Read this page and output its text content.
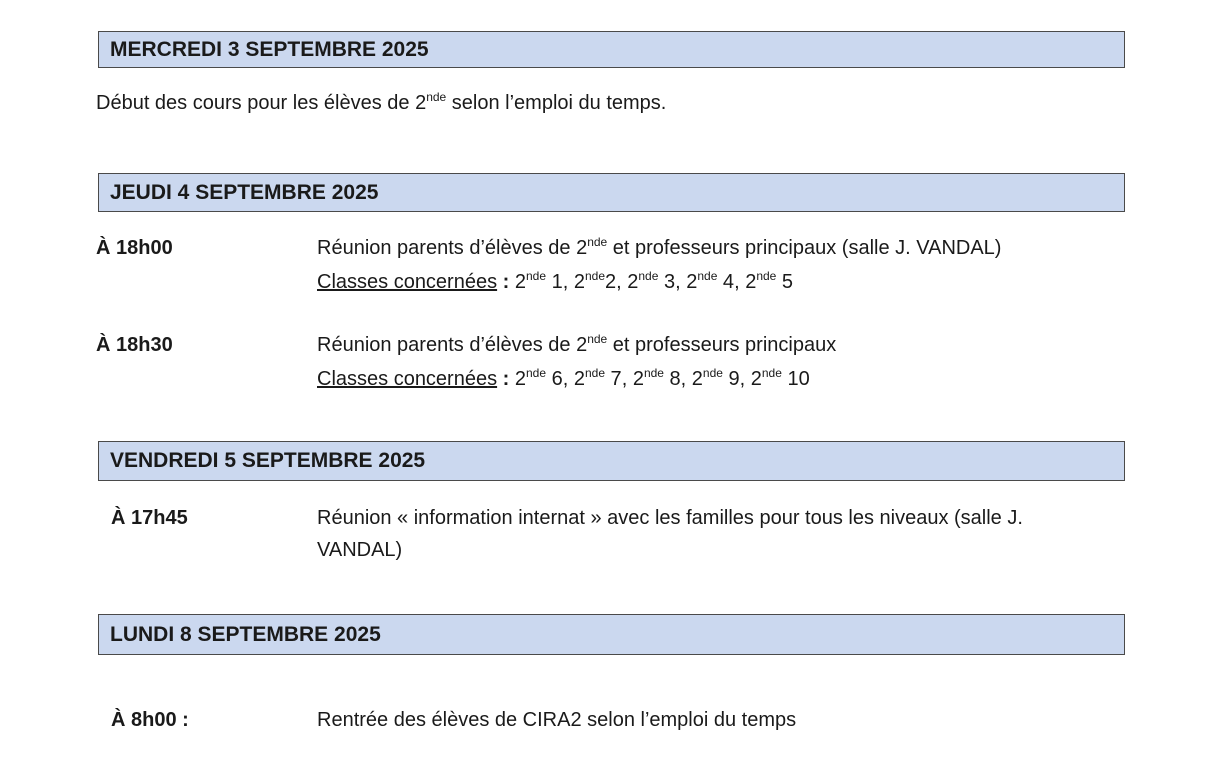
MERCREDI 3 SEPTEMBRE 2025
Début des cours pour les élèves de 2nde selon l’emploi du temps.
JEUDI 4 SEPTEMBRE 2025
À 18h00	Réunion parents d’élèves de 2nde et professeurs principaux (salle J. VANDAL)
Classes concernées : 2nde 1, 2nde2, 2nde 3, 2nde 4, 2nde 5
À 18h30	Réunion parents d’élèves de 2nde et professeurs principaux
Classes concernées : 2nde 6, 2nde 7, 2nde 8, 2nde 9, 2nde 10
VENDREDI 5 SEPTEMBRE 2025
À 17h45	Réunion « information internat » avec les familles pour tous les niveaux (salle J. VANDAL)
LUNDI 8 SEPTEMBRE 2025
À 8h00 :	Rentrée des élèves de CIRA2 selon l’emploi du temps
